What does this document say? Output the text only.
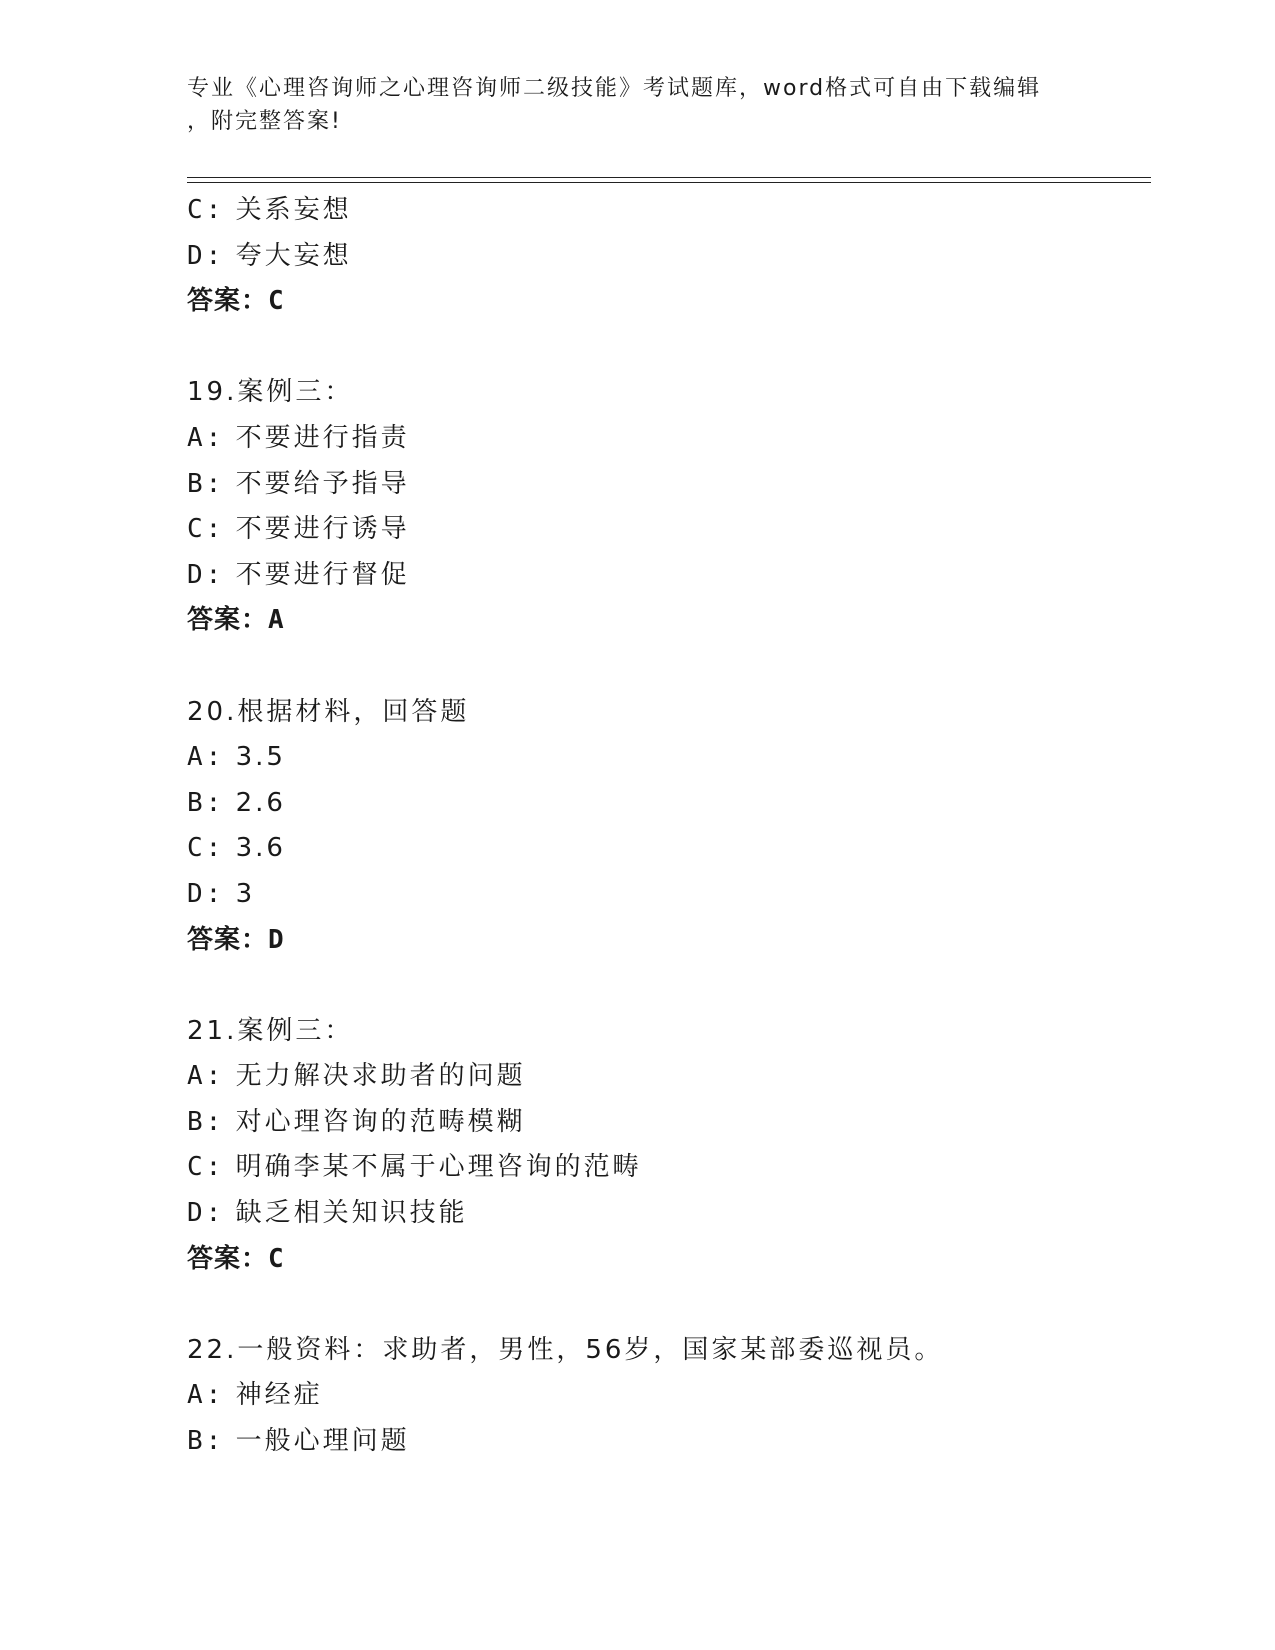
专业《心理咨询师之心理咨询师二级技能》考试题库，word格式可自由下载编辑
，附完整答案!
C: 关系妄想
D: 夸大妄想
答案：C
19.案例三：
A: 不要进行指责
B: 不要给予指导
C: 不要进行诱导
D: 不要进行督促
答案：A
20.根据材料，回答题
A: 3.5
B: 2.6
C: 3.6
D: 3
答案：D
21.案例三：
A: 无力解决求助者的问题
B: 对心理咨询的范畴模糊
C: 明确李某不属于心理咨询的范畴
D: 缺乏相关知识技能
答案：C
22.一般资料：求助者，男性，56岁，国家某部委巡视员。
A: 神经症
B: 一般心理问题
